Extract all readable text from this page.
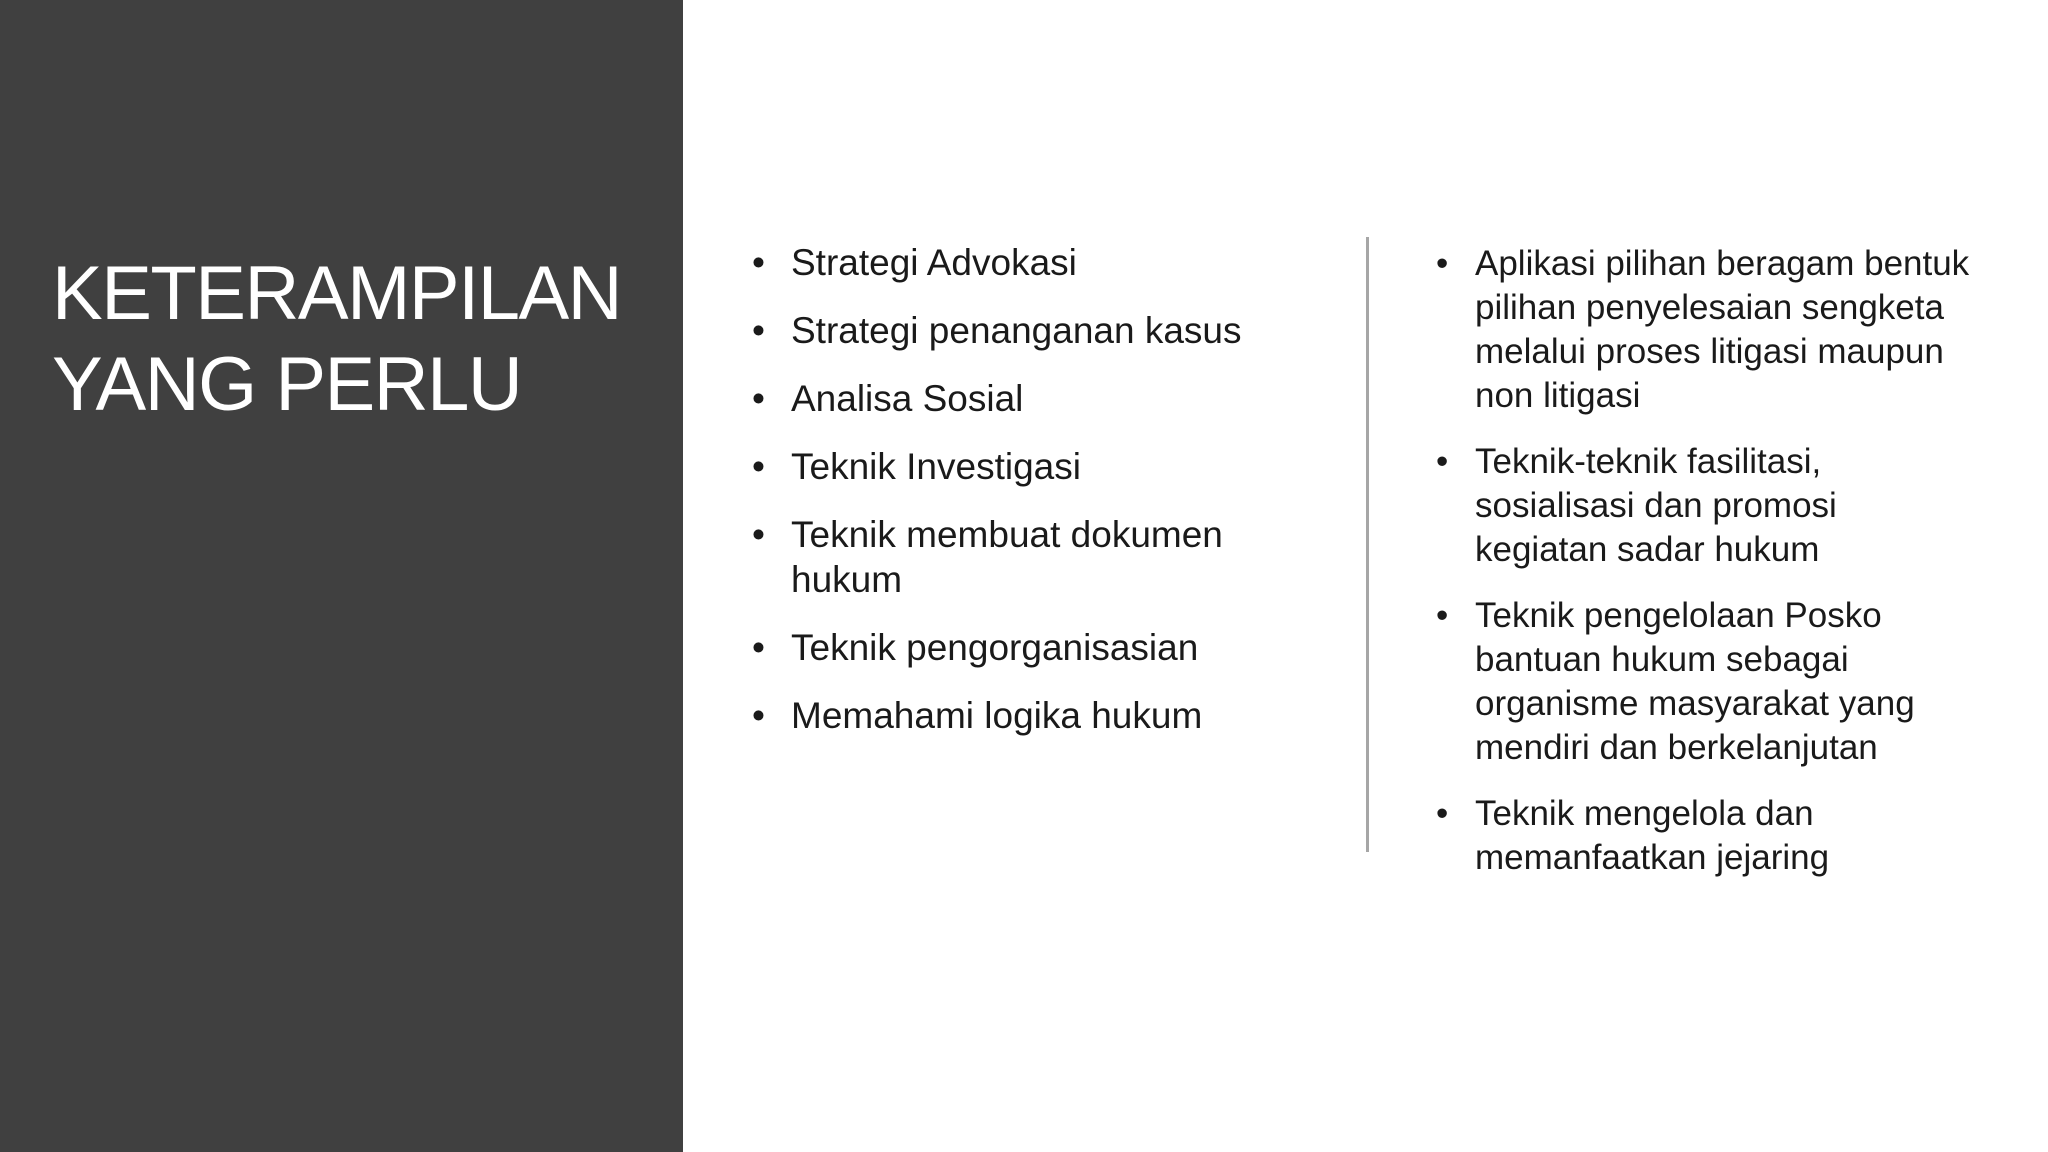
KETERAMPILAN
YANG PERLU
• Strategi Advokasi
• Strategi penanganan kasus
• Analisa Sosial
• Teknik Investigasi
• Teknik membuat dokumen hukum
• Teknik pengorganisasian
• Memahami logika hukum
• Aplikasi pilihan beragam bentuk pilihan penyelesaian sengketa melalui proses litigasi maupun non litigasi
• Teknik-teknik fasilitasi, sosialisasi dan promosi kegiatan sadar hukum
• Teknik pengelolaan Posko bantuan hukum sebagai organisme masyarakat yang mendiri dan berkelanjutan
• Teknik mengelola dan memanfaatkan jejaring
